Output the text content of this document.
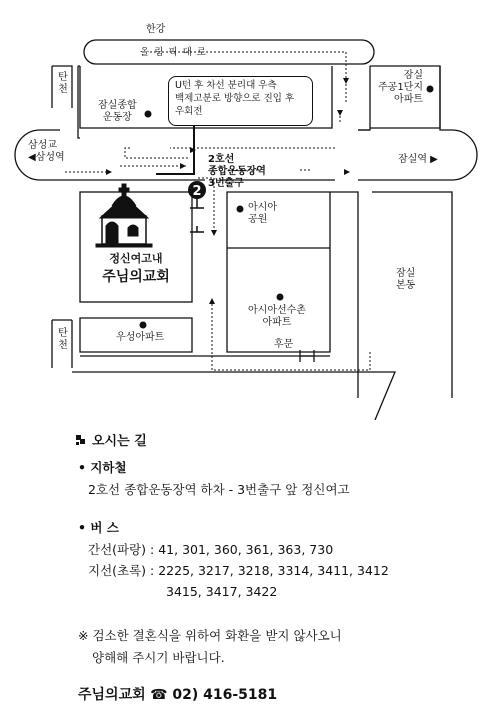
2
한강
올 림 픽 대 로
탄
천
잠실종합
운동장
U턴 후 차선 분리대 우측
백제고분로 방향으로 진입 후
우회전
잠실
주공1단지
아파트
삼성교
◀삼성역	잠실역 ▶
2호선
종합운동장역
3번출구
아시아
공원
정신여고내
주님의교회	잠실
본동
아시아선수촌
아파트
탄
천
우성아파트
후문
오시는 길
• 지하철
2호선 종합운동장역 하차 - 3번출구 앞 정신여고
• 버 스
간선(파랑) : 41, 301, 360, 361, 363, 730
지선(초록) : 2225, 3217, 3218, 3314, 3411, 3412
3415, 3417, 3422
※ 검소한 결혼식을 위하여 화환을 받지 않사오니
양해해 주시기 바랍니다.
주님의교회 ☎ 02) 416-5181
